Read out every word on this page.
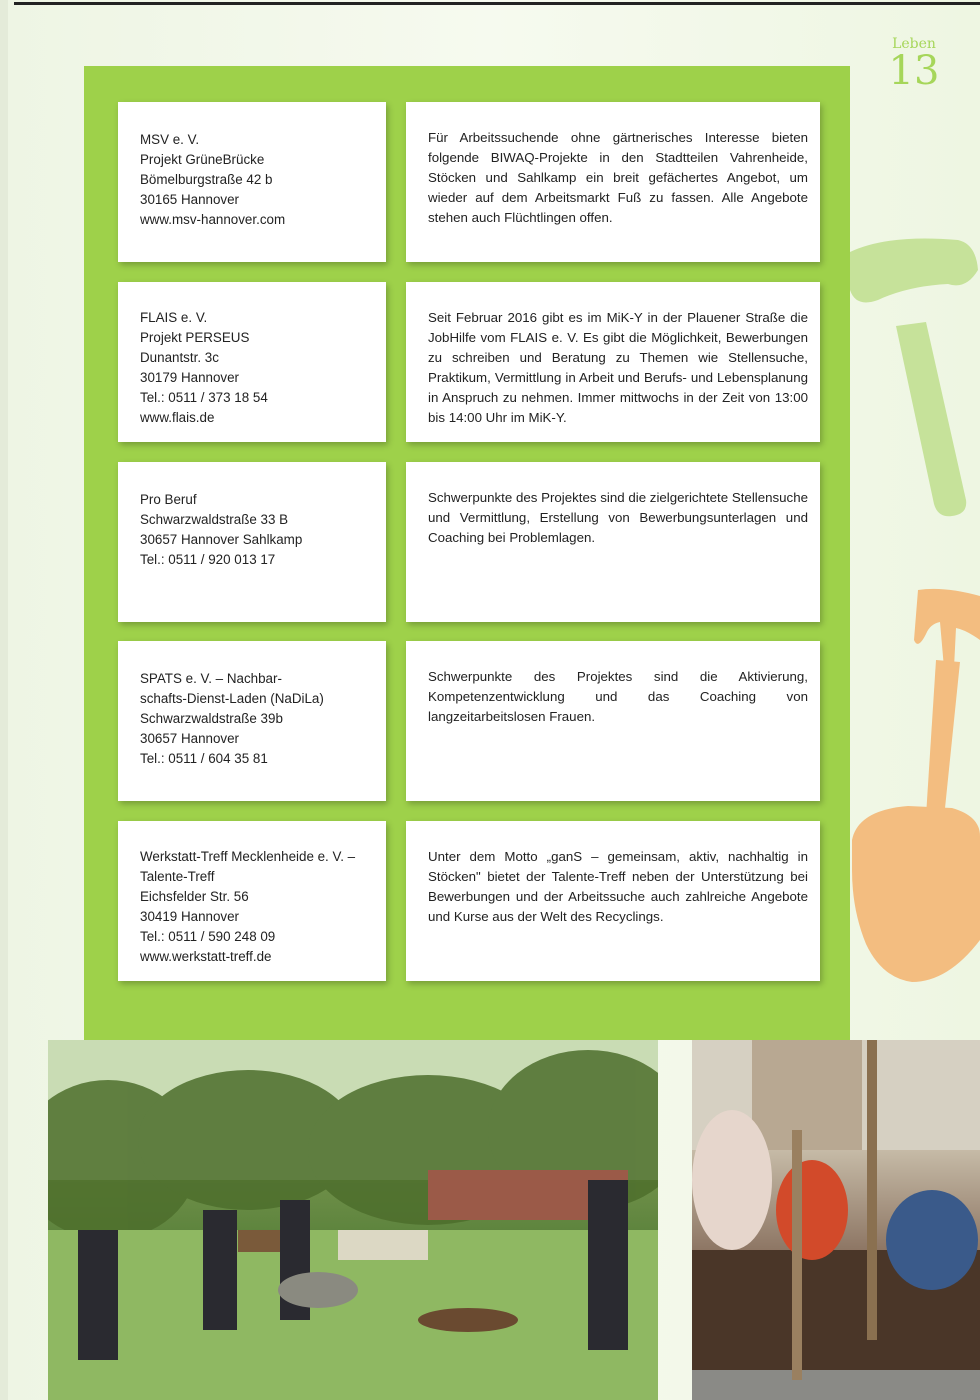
Leben
13
MSV e. V.
Projekt GrüneBrücke
Bömelburgstraße 42 b
30165 Hannover
www.msv-hannover.com
Für Arbeitssuchende ohne gärtnerisches Interesse bieten folgende BIWAQ-Projekte in den Stadtteilen Vahrenheide, Stöcken und Sahlkamp ein breit gefächertes Angebot, um wieder auf dem Arbeitsmarkt Fuß zu fassen. Alle Angebote stehen auch Flüchtlingen offen.
FLAIS e. V.
Projekt PERSEUS
Dunantstr. 3c
30179 Hannover
Tel.: 0511 / 373 18 54
www.flais.de
Seit Februar 2016 gibt es im MiK-Y in der Plauener Straße die JobHilfe vom FLAIS e. V. Es gibt die Möglichkeit, Bewerbungen zu schreiben und Beratung zu Themen wie Stellensuche, Praktikum, Vermittlung in Arbeit und Berufs- und Lebensplanung in Anspruch zu nehmen. Immer mittwochs in der Zeit von 13:00 bis 14:00 Uhr im MiK-Y.
Pro Beruf
Schwarzwaldstraße 33 B
30657 Hannover Sahlkamp
Tel.: 0511 / 920 013 17
Schwerpunkte des Projektes sind die zielgerichtete Stellensuche und Vermittlung, Erstellung von Bewerbungsunterlagen und Coaching bei Problemlagen.
SPATS e. V. – Nachbar-
schafts-Dienst-Laden (NaDiLa)
Schwarzwaldstraße 39b
30657 Hannover
Tel.: 0511 / 604 35 81
Schwerpunkte des Projektes sind die Aktivierung, Kompetenzentwicklung und das Coaching von langzeitarbeitslosen Frauen.
Werkstatt-Treff Mecklenheide e. V. –
Talente-Treff
Eichsfelder Str. 56
30419 Hannover
Tel.: 0511 / 590 248 09
www.werkstatt-treff.de
Unter dem Motto „ganS – gemeinsam, aktiv, nachhaltig in Stöcken" bietet der Talente-Treff neben der Unterstützung bei Bewerbungen und der Arbeitssuche auch zahlreiche Angebote und Kurse aus der Welt des Recyclings.
